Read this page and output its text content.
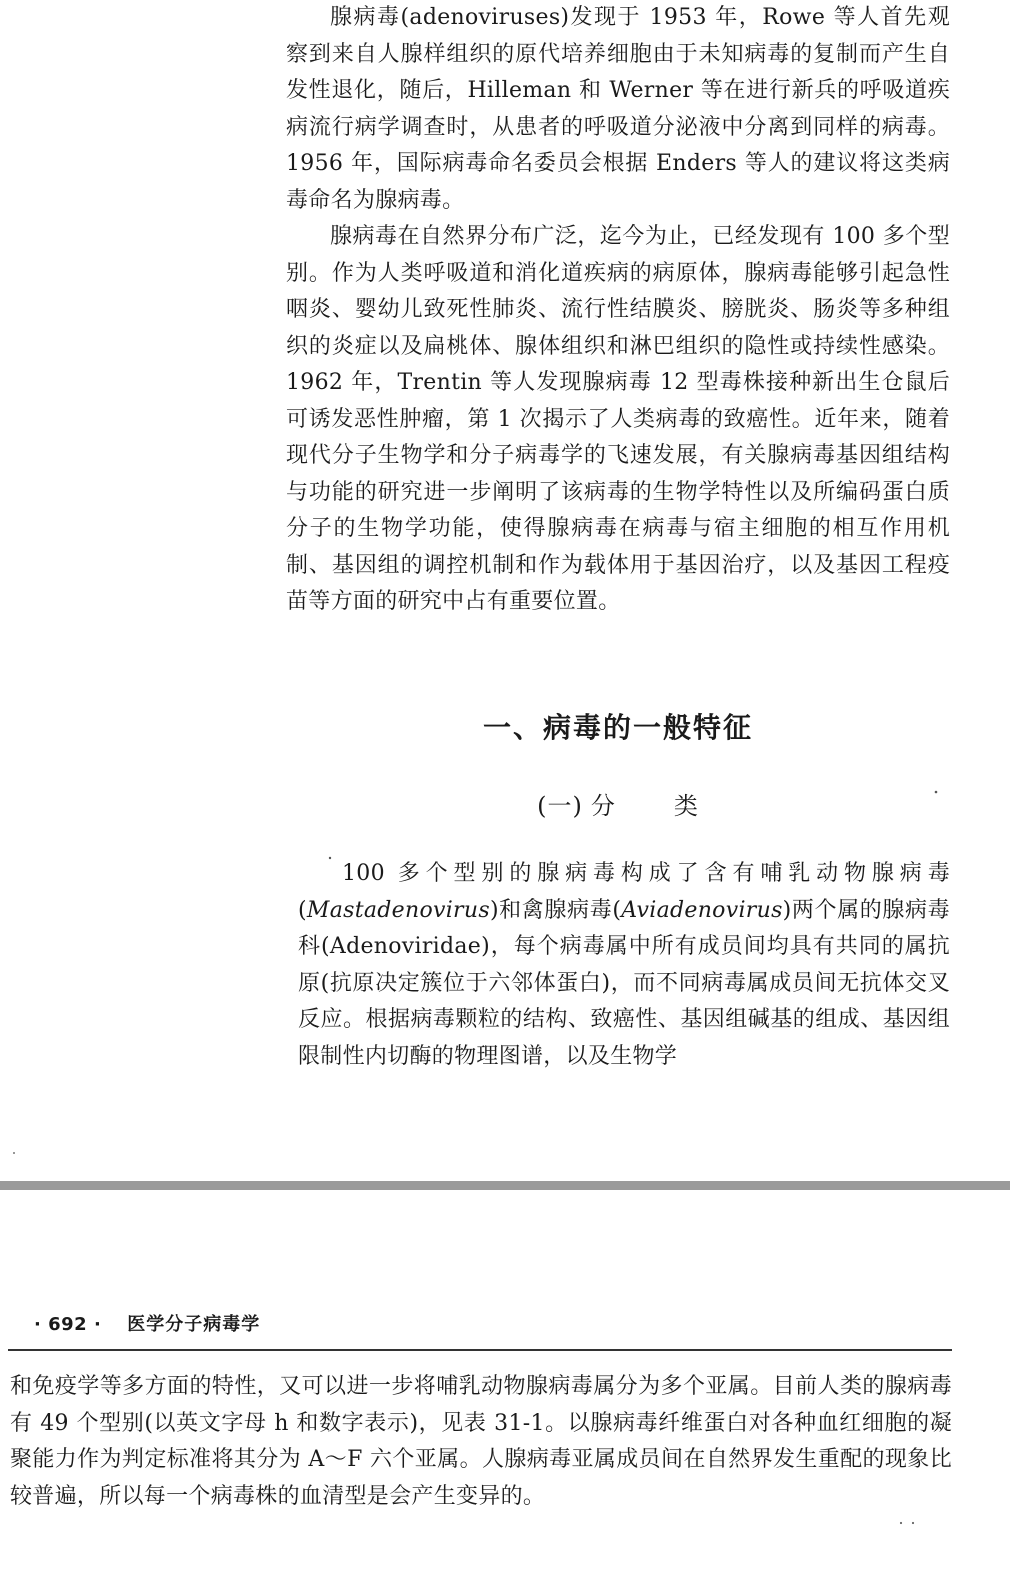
腺病毒(adenoviruses)发现于 1953 年，Rowe 等人首先观察到来自人腺样组织的原代培养细胞由于未知病毒的复制而产生自发性退化，随后，Hilleman 和 Werner 等在进行新兵的呼吸道疾病流行病学调查时，从患者的呼吸道分泌液中分离到同样的病毒。1956 年，国际病毒命名委员会根据 Enders 等人的建议将这类病毒命名为腺病毒。

腺病毒在自然界分布广泛，迄今为止，已经发现有 100 多个型别。作为人类呼吸道和消化道疾病的病原体，腺病毒能够引起急性咽炎、婴幼儿致死性肺炎、流行性结膜炎、膀胱炎、肠炎等多种组织的炎症以及扁桃体、腺体组织和淋巴组织的隐性或持续性感染。1962 年，Trentin 等人发现腺病毒 12 型毒株接种新出生仓鼠后可诱发恶性肿瘤，第 1 次揭示了人类病毒的致癌性。近年来，随着现代分子生物学和分子病毒学的飞速发展，有关腺病毒基因组结构与功能的研究进一步阐明了该病毒的生物学特性以及所编码蛋白质分子的生物学功能，使得腺病毒在病毒与宿主细胞的相互作用机制、基因组的调控机制和作为载体用于基因治疗，以及基因工程疫苗等方面的研究中占有重要位置。

一、病毒的一般特征
(一) 分 类

100 多个型别的腺病毒构成了含有哺乳动物腺病毒(Mastadenovirus)和禽腺病毒(Aviadenovirus)两个属的腺病毒科(Adenoviridae)，每个病毒属中所有成员间均具有共同的属抗原(抗原决定簇位于六邻体蛋白)，而不同病毒属成员间无抗体交叉反应。根据病毒颗粒的结构、致癌性、基因组碱基的组成、基因组限制性内切酶的物理图谱，以及生物学

· 692 · 医学分子病毒学

和免疫学等多方面的特性，又可以进一步将哺乳动物腺病毒属分为多个亚属。目前人类的腺病毒有 49 个型别(以英文字母 h 和数字表示)，见表 31-1。以腺病毒纤维蛋白对各种血红细胞的凝聚能力作为判定标准将其分为 A～F 六个亚属。人腺病毒亚属成员间在自然界发生重配的现象比较普遍，所以每一个病毒株的血清型是会产生变异的。
